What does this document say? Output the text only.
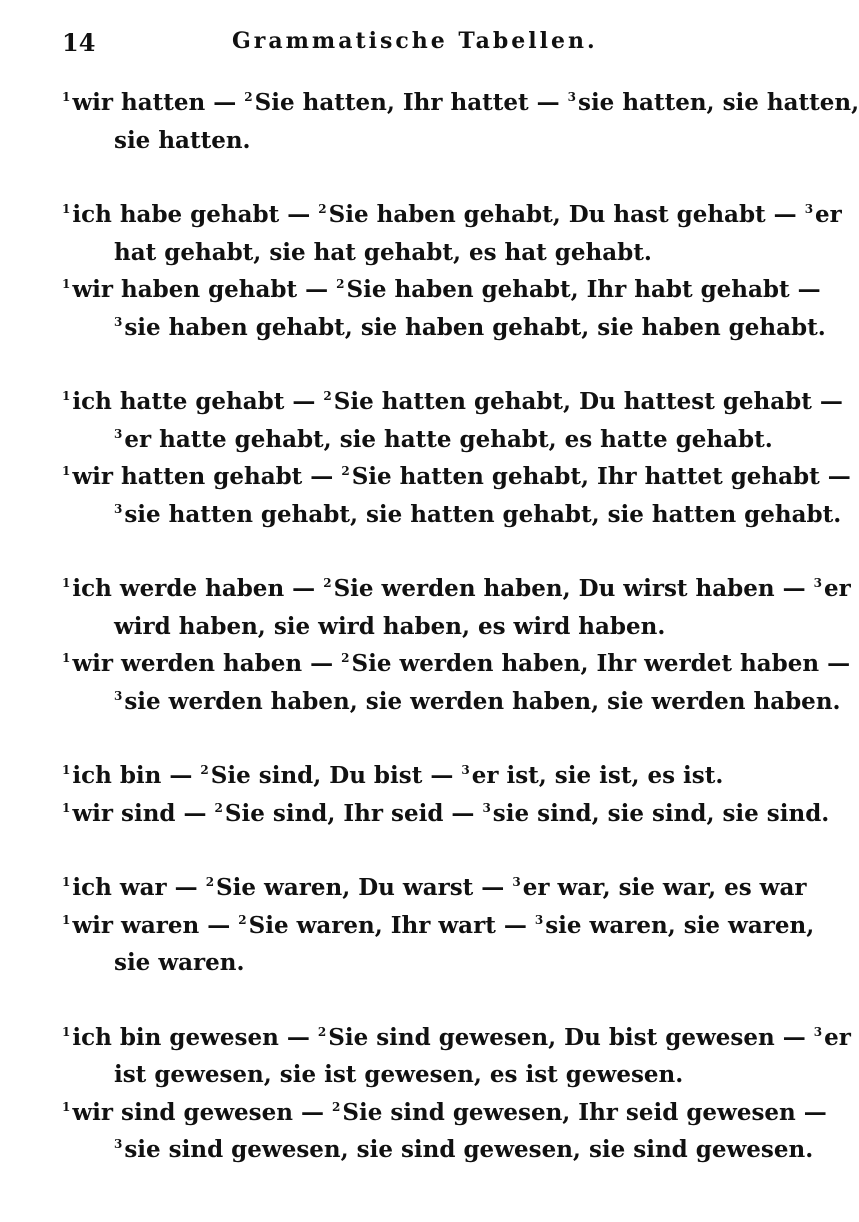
14	Grammatische Tabellen.
$^1$wir hatten — $^2$Sie hatten, Ihr hattet — $^3$sie hatten, sie hatten,
sie hatten.
$^1$ich habe gehabt — $^2$Sie haben gehabt, Du hast gehabt — $^3$er
hat gehabt, sie hat gehabt, es hat gehabt.
$^1$wir haben gehabt — $^2$Sie haben gehabt, Ihr habt gehabt —
$^3$sie haben gehabt, sie haben gehabt, sie haben gehabt.
$^1$ich hatte gehabt — $^2$Sie hatten gehabt, Du hattest gehabt —
$^3$er hatte gehabt, sie hatte gehabt, es hatte gehabt.
$^1$wir hatten gehabt — $^2$Sie hatten gehabt, Ihr hattet gehabt —
$^3$sie hatten gehabt, sie hatten gehabt, sie hatten gehabt.
$^1$ich werde haben — $^2$Sie werden haben, Du wirst haben — $^3$er
wird haben, sie wird haben, es wird haben.
$^1$wir werden haben — $^2$Sie werden haben, Ihr werdet haben —
$^3$sie werden haben, sie werden haben, sie werden haben.
$^1$ich bin — $^2$Sie sind, Du bist — $^3$er ist, sie ist, es ist.
$^1$wir sind — $^2$Sie sind, Ihr seid — $^3$sie sind, sie sind, sie sind.
$^1$ich war — $^2$Sie waren, Du warst — $^3$er war, sie war, es war
$^1$wir waren — $^2$Sie waren, Ihr wart — $^3$sie waren, sie waren,
sie waren.
$^1$ich bin gewesen — $^2$Sie sind gewesen, Du bist gewesen — $^3$er
ist gewesen, sie ist gewesen, es ist gewesen.
$^1$wir sind gewesen — $^2$Sie sind gewesen, Ihr seid gewesen —
$^3$sie sind gewesen, sie sind gewesen, sie sind gewesen.
